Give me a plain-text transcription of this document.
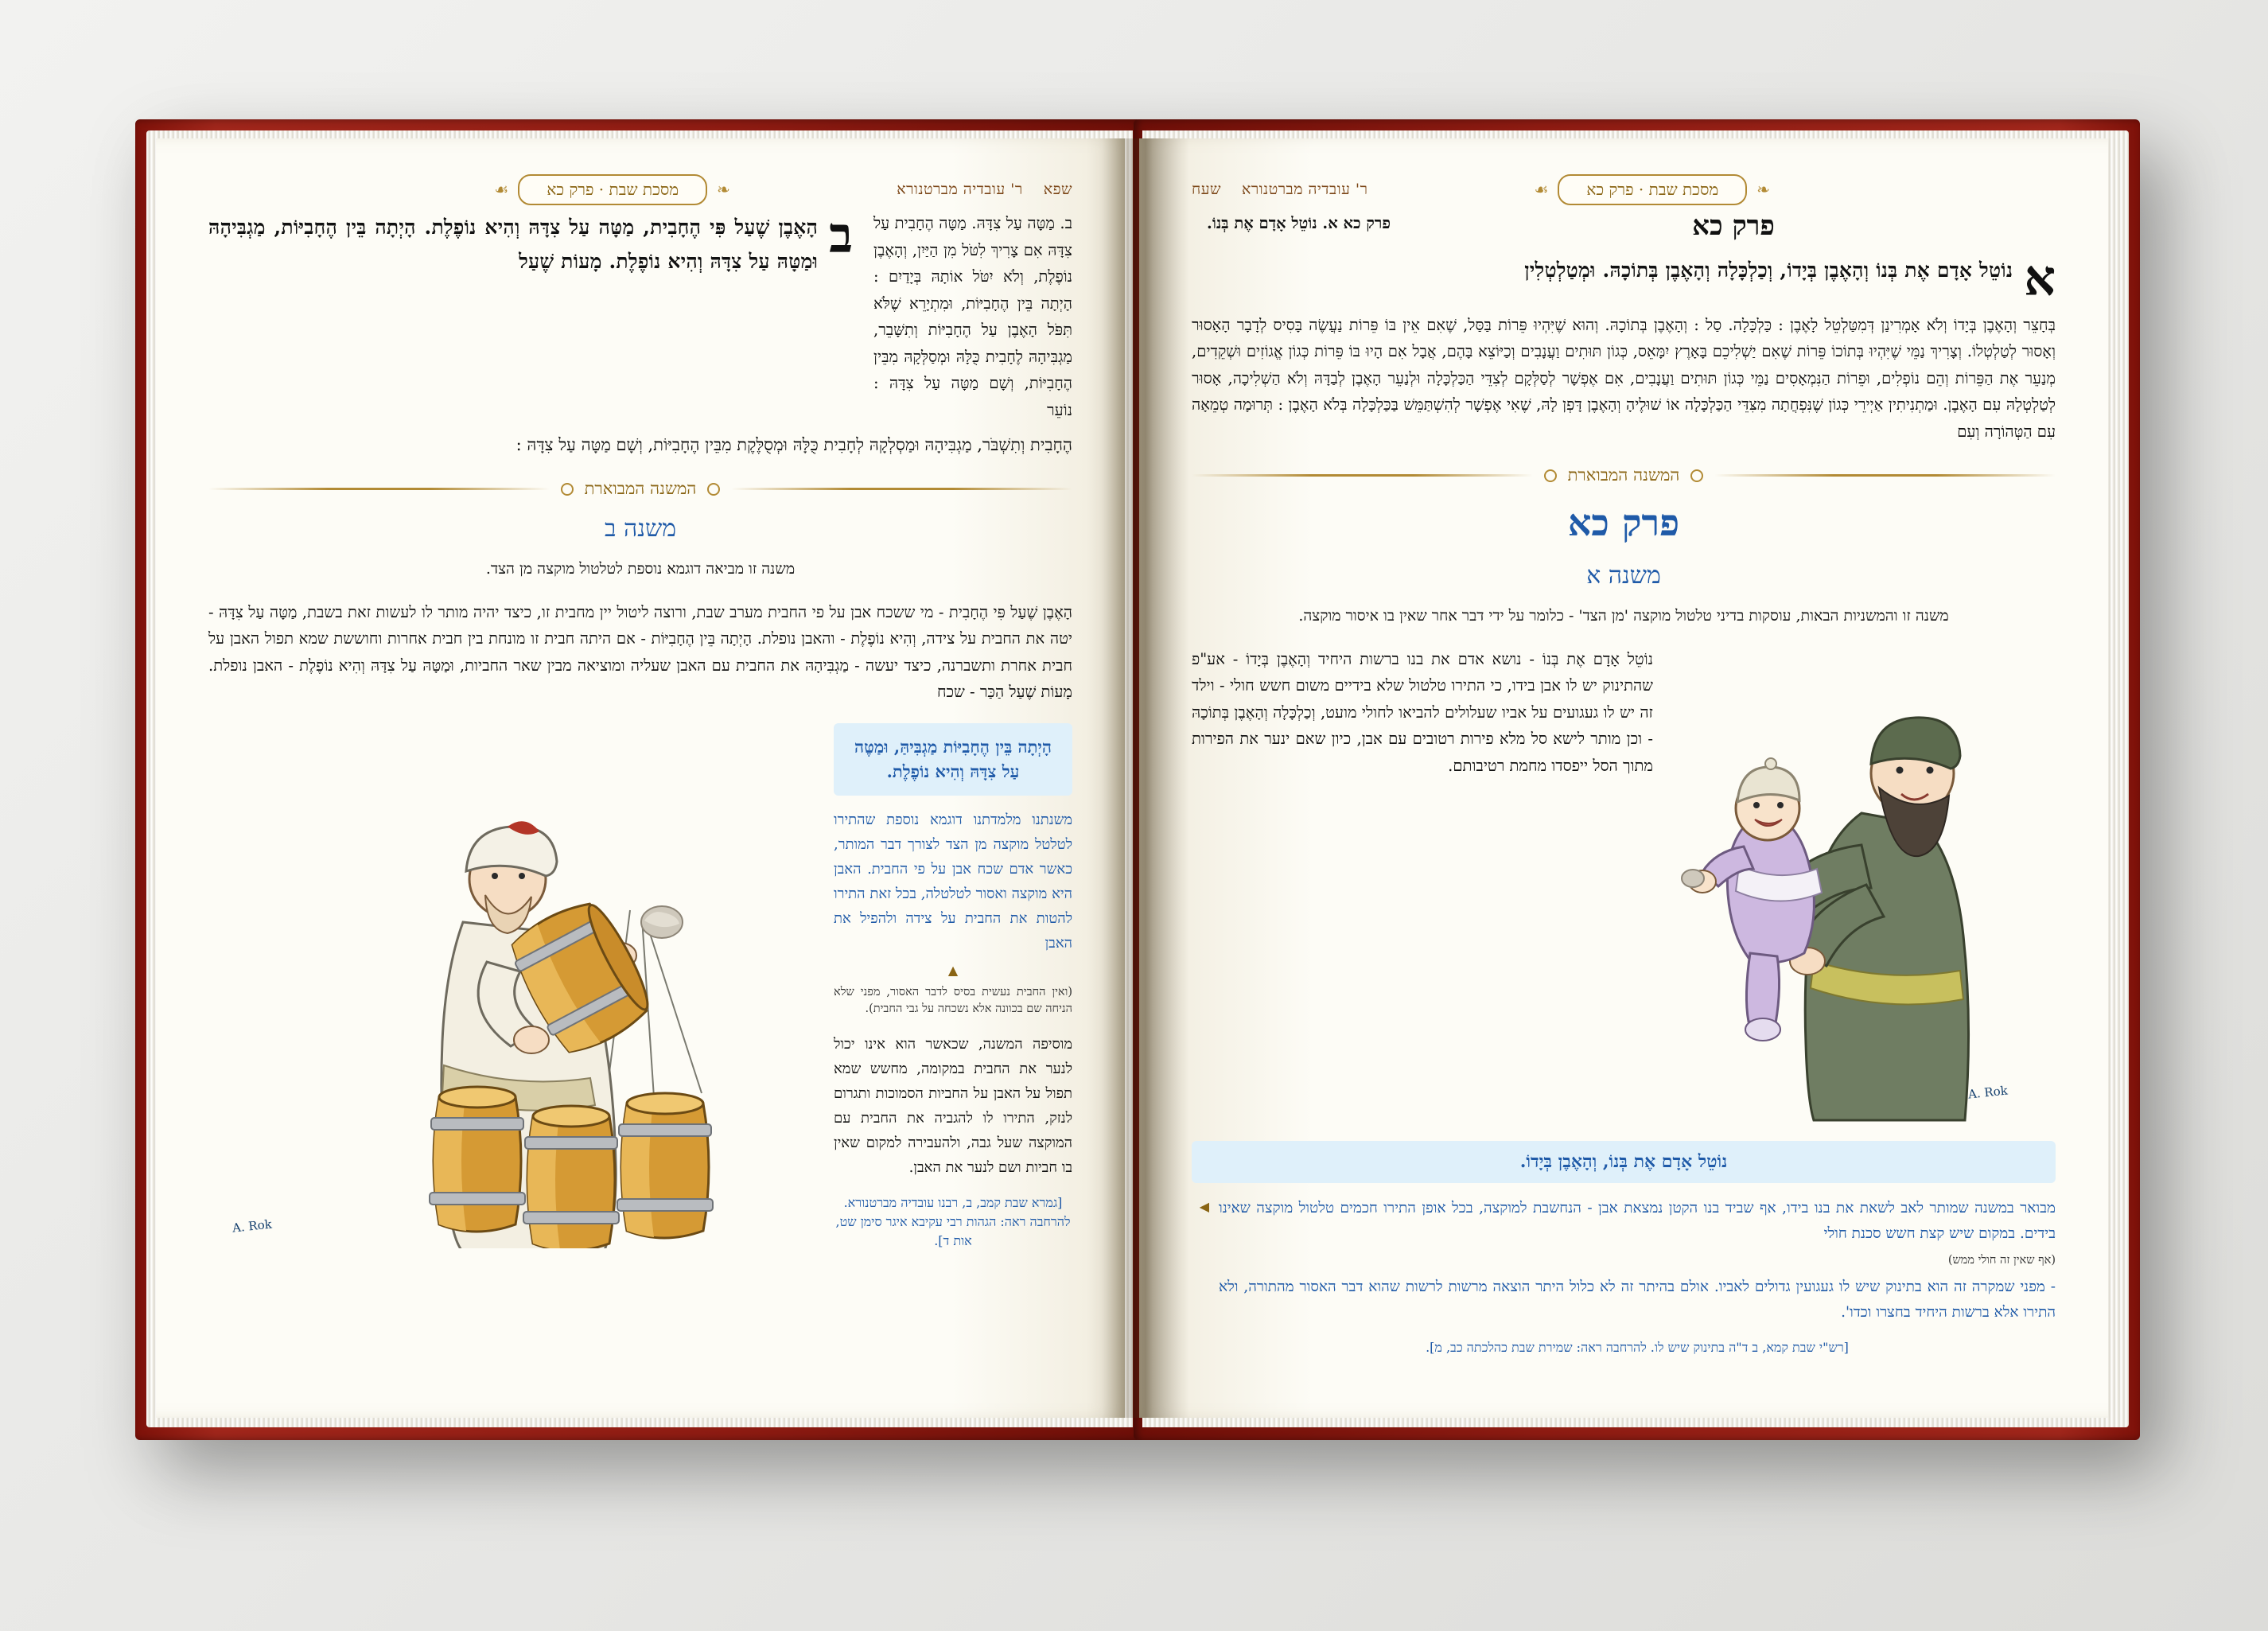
שפא
ר' עובדיה מברטנורא
❧
מסכת שבת · פרק כא
☙
ב. מַטָּה עַל צִדָּהּ. מַטָּה הֶחָבִית עַל צִדָּהּ אִם צָרִיךְ לִטֹּל מִן הַיַּיִן, וְהָאֶבֶן נוֹפֶלֶת, וְלֹא יִטֹּל אוֹתָהּ בְּיָדַיִם : הָיְתָה בֵּין הֶחָבִיּוֹת, וּמִתְיָרֵא שֶׁלֹּא תִּפֹּל הָאֶבֶן עַל הֶחָבִיּוֹת וְתִשָּׁבֵר, מַגְבִּיהָהּ לֶחָבִית כֻּלָּהּ וּמְסַלְּקָהּ מִבֵּין הֶחָבִיּוֹת, וְשָׁם מַטָּה עַל צִדָּהּ : נוֹעֵר
ב
הָאֶבֶן שֶׁעַל פִּי הֶחָבִית, מַטָּה עַל צִדָּהּ וְהִיא נוֹפֶלֶת. הָיְתָה בֵּין הֶחָבִיּוֹת, מַגְבִּיהָהּ וּמַטָּהּ עַל צִדָּהּ וְהִיא נוֹפֶלֶת. מָעוֹת שֶׁעַל
הֶחָבִית וְתִשְׁבֹּר, מַגְבִּיהָהּ וּמַסְלְקָהּ לְחָבִית כֻּלָּהּ וּמְסֻלֶּקֶת מִבֵּין הֶחָבִיּוֹת, וְשָׁם מַטָּה עַל צִדָּהּ :
המשנה המבוארת
משנה ב
משנה זו מביאה דוגמא נוספת לטלטול מוקצה מן הצד.
הָאֶבֶן שֶׁעַל פִּי הֶחָבִית - מי ששכח אבן על פי החבית מערב שבת, ורוצה ליטול יין מחבית זו, כיצד יהיה מותר לו לעשות זאת בשבת, מַטָּה עַל צִדָּהּ - יטה את החבית על צידה, וְהִיא נוֹפֶלֶת - והאבן נופלת. הָיְתָה בֵּין הֶחָבִיּוֹת - אם היתה חבית זו מונחת בין חבית אחרות וחוששת שמא תפול האבן על חבית אחרת ותשברנה, כיצד יעשה - מַגְבִּיהָהּ את החבית עם האבן שעליה ומוציאה מבין שאר החביות, וּמַטָּהּ עַל צִדָּהּ וְהִיא נוֹפֶלֶת - האבן נופלת. מָעוֹת שֶׁעַל הַכַּר - שכח
הָיְתָה בֵּין הֶחָבִיּוֹת מַגְבִּיהַּ, וּמַטֶּה עַל צִדָּהּ וְהִיא נוֹפֶלֶת.
משנתנו מלמדתנו דוגמא נוספת שהתירו לטלטל מוקצה מן הצד לצורך דבר המותר, כאשר אדם שכח אבן על פי החבית. האבן היא מוקצה ואסור לטלטלה, בכל זאת התירו להטות את החבית על צידה ולהפיל את האבן
▲
(ואין החבית נעשית בסיס לדבר האסור, מפני שלא הניחה שם בכוונה אלא נשכחה על גבי החבית).
מוסיפה המשנה, שכאשר הוא אינו יכול לנער את החבית במקומה, מחשש שמא תפול על האבן על החביות הסמוכות ותגרום לנזק, התירו לו להגביה את החבית עם המוקצה שעל גבה, ולהעבירה למקום שאין בו חביות ושם לנער את האבן.
[גמרא שבת קמב, ב, רבנו עובדיה מברטנורא. להרחבה ראה: הגהות רבי עקיבא איגר סימן שט, אות ד].
A. Rok
❧
מסכת שבת · פרק כא
☙
ר' עובדיה מברטנורא
שעח
פרק כא
א
נוֹטֵל אָדָם אֶת בְּנוֹ וְהָאֶבֶן בְּיָדוֹ, וְכַלְכָּלָה וְהָאֶבֶן בְּתוֹכָהּ. וּמְטַלְטְלִין
פרק כא א. נוֹטֵל אָדָם אֶת בְּנוֹ.
בְּחָצֵר וְהָאֶבֶן בְּיָדוֹ וְלֹא אָמְרִינַן דְּמִטַּלְטֵל לָאֶבֶן : כַּלְכָּלָה. סַל : וְהָאֶבֶן בְּתוֹכָהּ. וְהוּא שֶׁיִּהְיוּ פֵּרוֹת בַּסַּל, שֶׁאִם אֵין בּוֹ פֵּרוֹת נַעֲשֶׂה בָּסִיס לְדָבָר הָאָסוּר וְאָסוּר לְטַלְטְלוֹ. וְצָרִיךְ נַמֵּי שֶׁיִּהְיוּ בְּתוֹכוֹ פֵּרוֹת שֶׁאִם יַשְׁלִיכֵם בָּאָרֶץ יִמָּאֵס, כְּגוֹן תּוּתִים וַעֲנָבִים וְכַיּוֹצֵא בָּהֶם, אֲבָל אִם הָיוּ בּוֹ פֵּרוֹת כְּגוֹן אֱגוֹזִים וּשְׁקֵדִים, מְנַעֵר אֶת הַפֵּרוֹת וְהֵם נוֹפְלִים, וּפֵרוֹת הַנִּמְאָסִים נַמֵּי כְּגוֹן תּוּתִים וַעֲנָבִים, אִם אֶפְשָׁר לְסַלְּקָם לְצִדֵּי הַכַּלְכָּלָה וּלְנַעֵר הָאֶבֶן לְבַדָּהּ וְלֹא הַשְׁלִיכָה, אָסוּר לְטַלְטְלָהּ עִם הָאֶבֶן. וּמַתְנִיתִין אַיְירֵי כְּגוֹן שֶׁנִּפְחֲתָה מִצִּדֵּי הַכַּלְכָּלָה אוֹ שׁוּלֶיהָ וְהָאֶבֶן דָּפְן לָהּ, שֶׁאִי אֶפְשָׁר לְהִשְׁתַּמֵּשׁ בַּכַּלְכָּלָה בְּלֹא הָאֶבֶן : תְּרוּמָה טְמֵאָה עִם הַטְּהוֹרָה וְעִם
המשנה המבוארת
פרק כא
משנה א
משנה זו והמשניות הבאות, עוסקות בדיני טלטול מוקצה 'מן הצד' - כלומר על ידי דבר אחר שאין בו איסור מוקצה.
A. Rok
נוֹטֵל אָדָם אֶת בְּנוֹ - נושא אדם את בנו ברשות היחיד וְהָאֶבֶן בְּיָדוֹ - אע"פ שהתינוק יש לו אבן בידו, כי התירו טלטול שלא בידיים משום חשש חולי - וילד זה יש לו געגועים על אביו שעלולים להביאו לחולי מועט, וְכַלְכָּלָה וְהָאֶבֶן בְּתוֹכָהּ - וכן מותר לישא סל מלא פירות רטובים עם אבן, כיון שאם ינער את הפירות מתוך הסל ייפסדו מחמת רטיבותם.
נוֹטֵל אָדָם אֶת בְּנוֹ, וְהָאֶבֶן בְּיָדוֹ.
מבואר במשנה שמותר לאב לשאת את בנו בידו, אף שביד בנו הקטן נמצאת אבן - הנחשבת למוקצה, בכל אופן התירו חכמים טלטול מוקצה שאינו בידים. במקום שיש קצת חשש סכנת חולי
(אף שאין זה חולי ממש)
- מפני שמקרה זה הוא בתינוק שיש לו געגועין גדולים לאביו. אולם בהיתר זה לא כלול היתר הוצאה מרשות לרשות שהוא דבר האסור מהתורה, ולא התירו אלא ברשות היחיד בחצרו וכדו'.
[רש"י שבת קמא, ב ד"ה בתינוק שיש לו. להרחבה ראה: שמירת שבת כהלכתה כב, מ].
◀
